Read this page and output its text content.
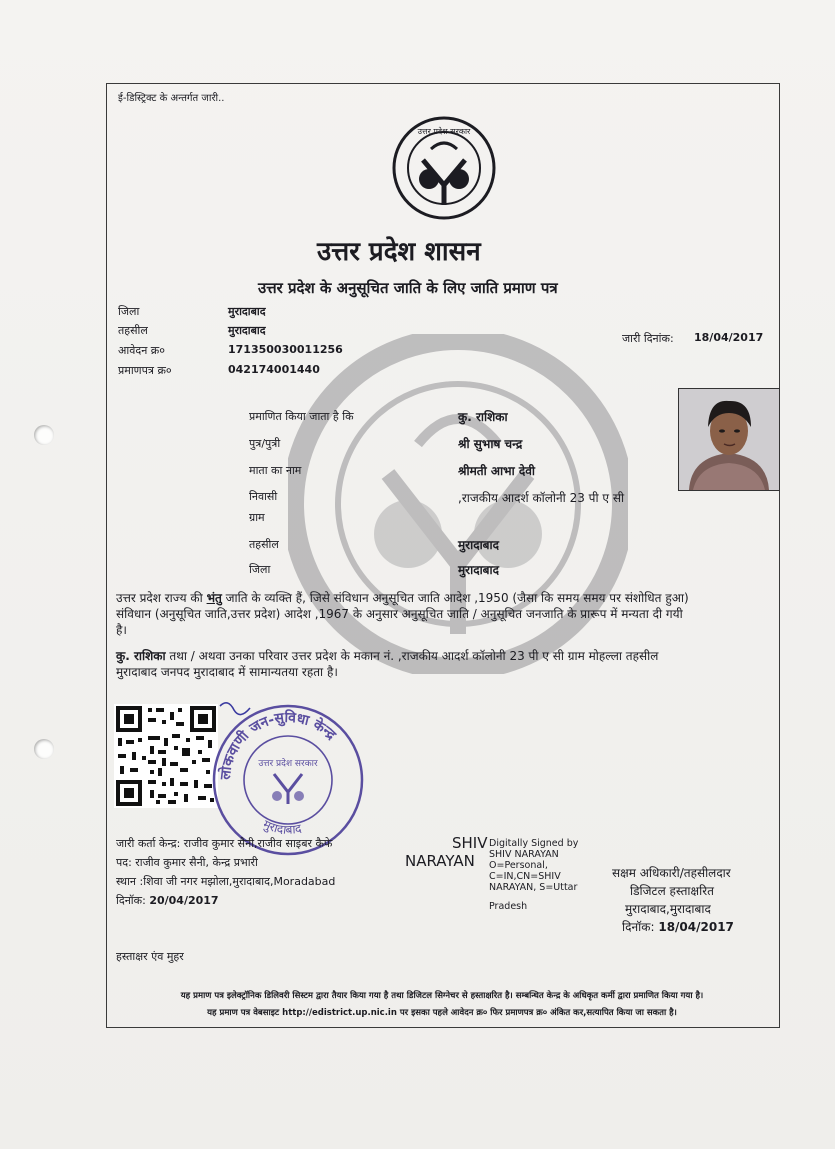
ई-डिस्ट्रिक्ट के अन्तर्गत जारी..
उत्तर प्रदेश सरकार
उत्तर प्रदेश शासन
उत्तर प्रदेश के अनुसूचित जाति के लिए जाति प्रमाण पत्र
जिला	मुरादाबाद
तहसील	मुरादाबाद
आवेदन क्र०	171350030011256
प्रमाणपत्र क्र०	042174001440
जारी दिनांक: 18/04/2017
प्रमाणित किया जाता है कि	कु. राशिका
पुत्र/पुत्री	श्री सुभाष चन्द्र
माता का नाम	श्रीमती आभा देवी
निवासी	,राजकीय आदर्श कॉलोनी 23 पी ए सी
ग्राम
तहसील	मुरादाबाद
जिला	मुरादाबाद
उत्तर प्रदेश राज्य की भंतु जाति के व्यक्ति हैं, जिसे संविधान अनुसूचित जाति आदेश ,1950 (जैसा कि समय समय पर संशोधित हुआ)
संविधान (अनुसूचित जाति,उत्तर प्रदेश) आदेश ,1967 के अनुसार अनुसूचित जाति / अनुसूचित जनजाति के प्रारूप में मन्यता दी गयी
है।
कु. राशिका तथा / अथवा उनका परिवार उत्तर प्रदेश के मकान नं. ,राजकीय आदर्श कॉलोनी 23 पी ए सी ग्राम मोहल्ला तहसील
मुरादाबाद जनपद मुरादाबाद में सामान्यतया रहता है।
लोकवाणी जन-सुविधा केन्द्र
उत्तर प्रदेश सरकार
मुरादाबाद
जारी कर्ता केन्द्र: राजीव कुमार सैनी,राजीव साइबर कैफे
पद: राजीव कुमार सैनी, केन्द्र प्रभारी
स्थान :शिवा जी नगर मझोला,मुरादाबाद,Moradabad
दिनॉक: 20/04/2017
SHIV
NARAYAN
Digitally Signed by
SHIV NARAYAN
O=Personal,
C=IN,CN=SHIV
NARAYAN, S=Uttar
Pradesh
सक्षम अधिकारी/तहसीलदार
डिजिटल हस्ताक्षरित
मुरादाबाद,मुरादाबाद
दिनॉक: 18/04/2017
हस्ताक्षर एंव मुहर
यह प्रमाण पत्र इलेक्ट्रॉनिक डिलिवरी सिस्टम द्वारा तैयार किया गया है तथा डिजिटल सिग्नेचर से हस्ताक्षरित है। सम्बन्धित केन्द्र के अधिकृत कर्मी द्वारा प्रमाणित किया गया है।
यह प्रमाण पत्र वेबसाइट http://edistrict.up.nic.in पर इसका पहले आवेदन क्र० फिर प्रमाणपत्र क्र० अंकित कर,सत्यापित किया जा सकता है।
